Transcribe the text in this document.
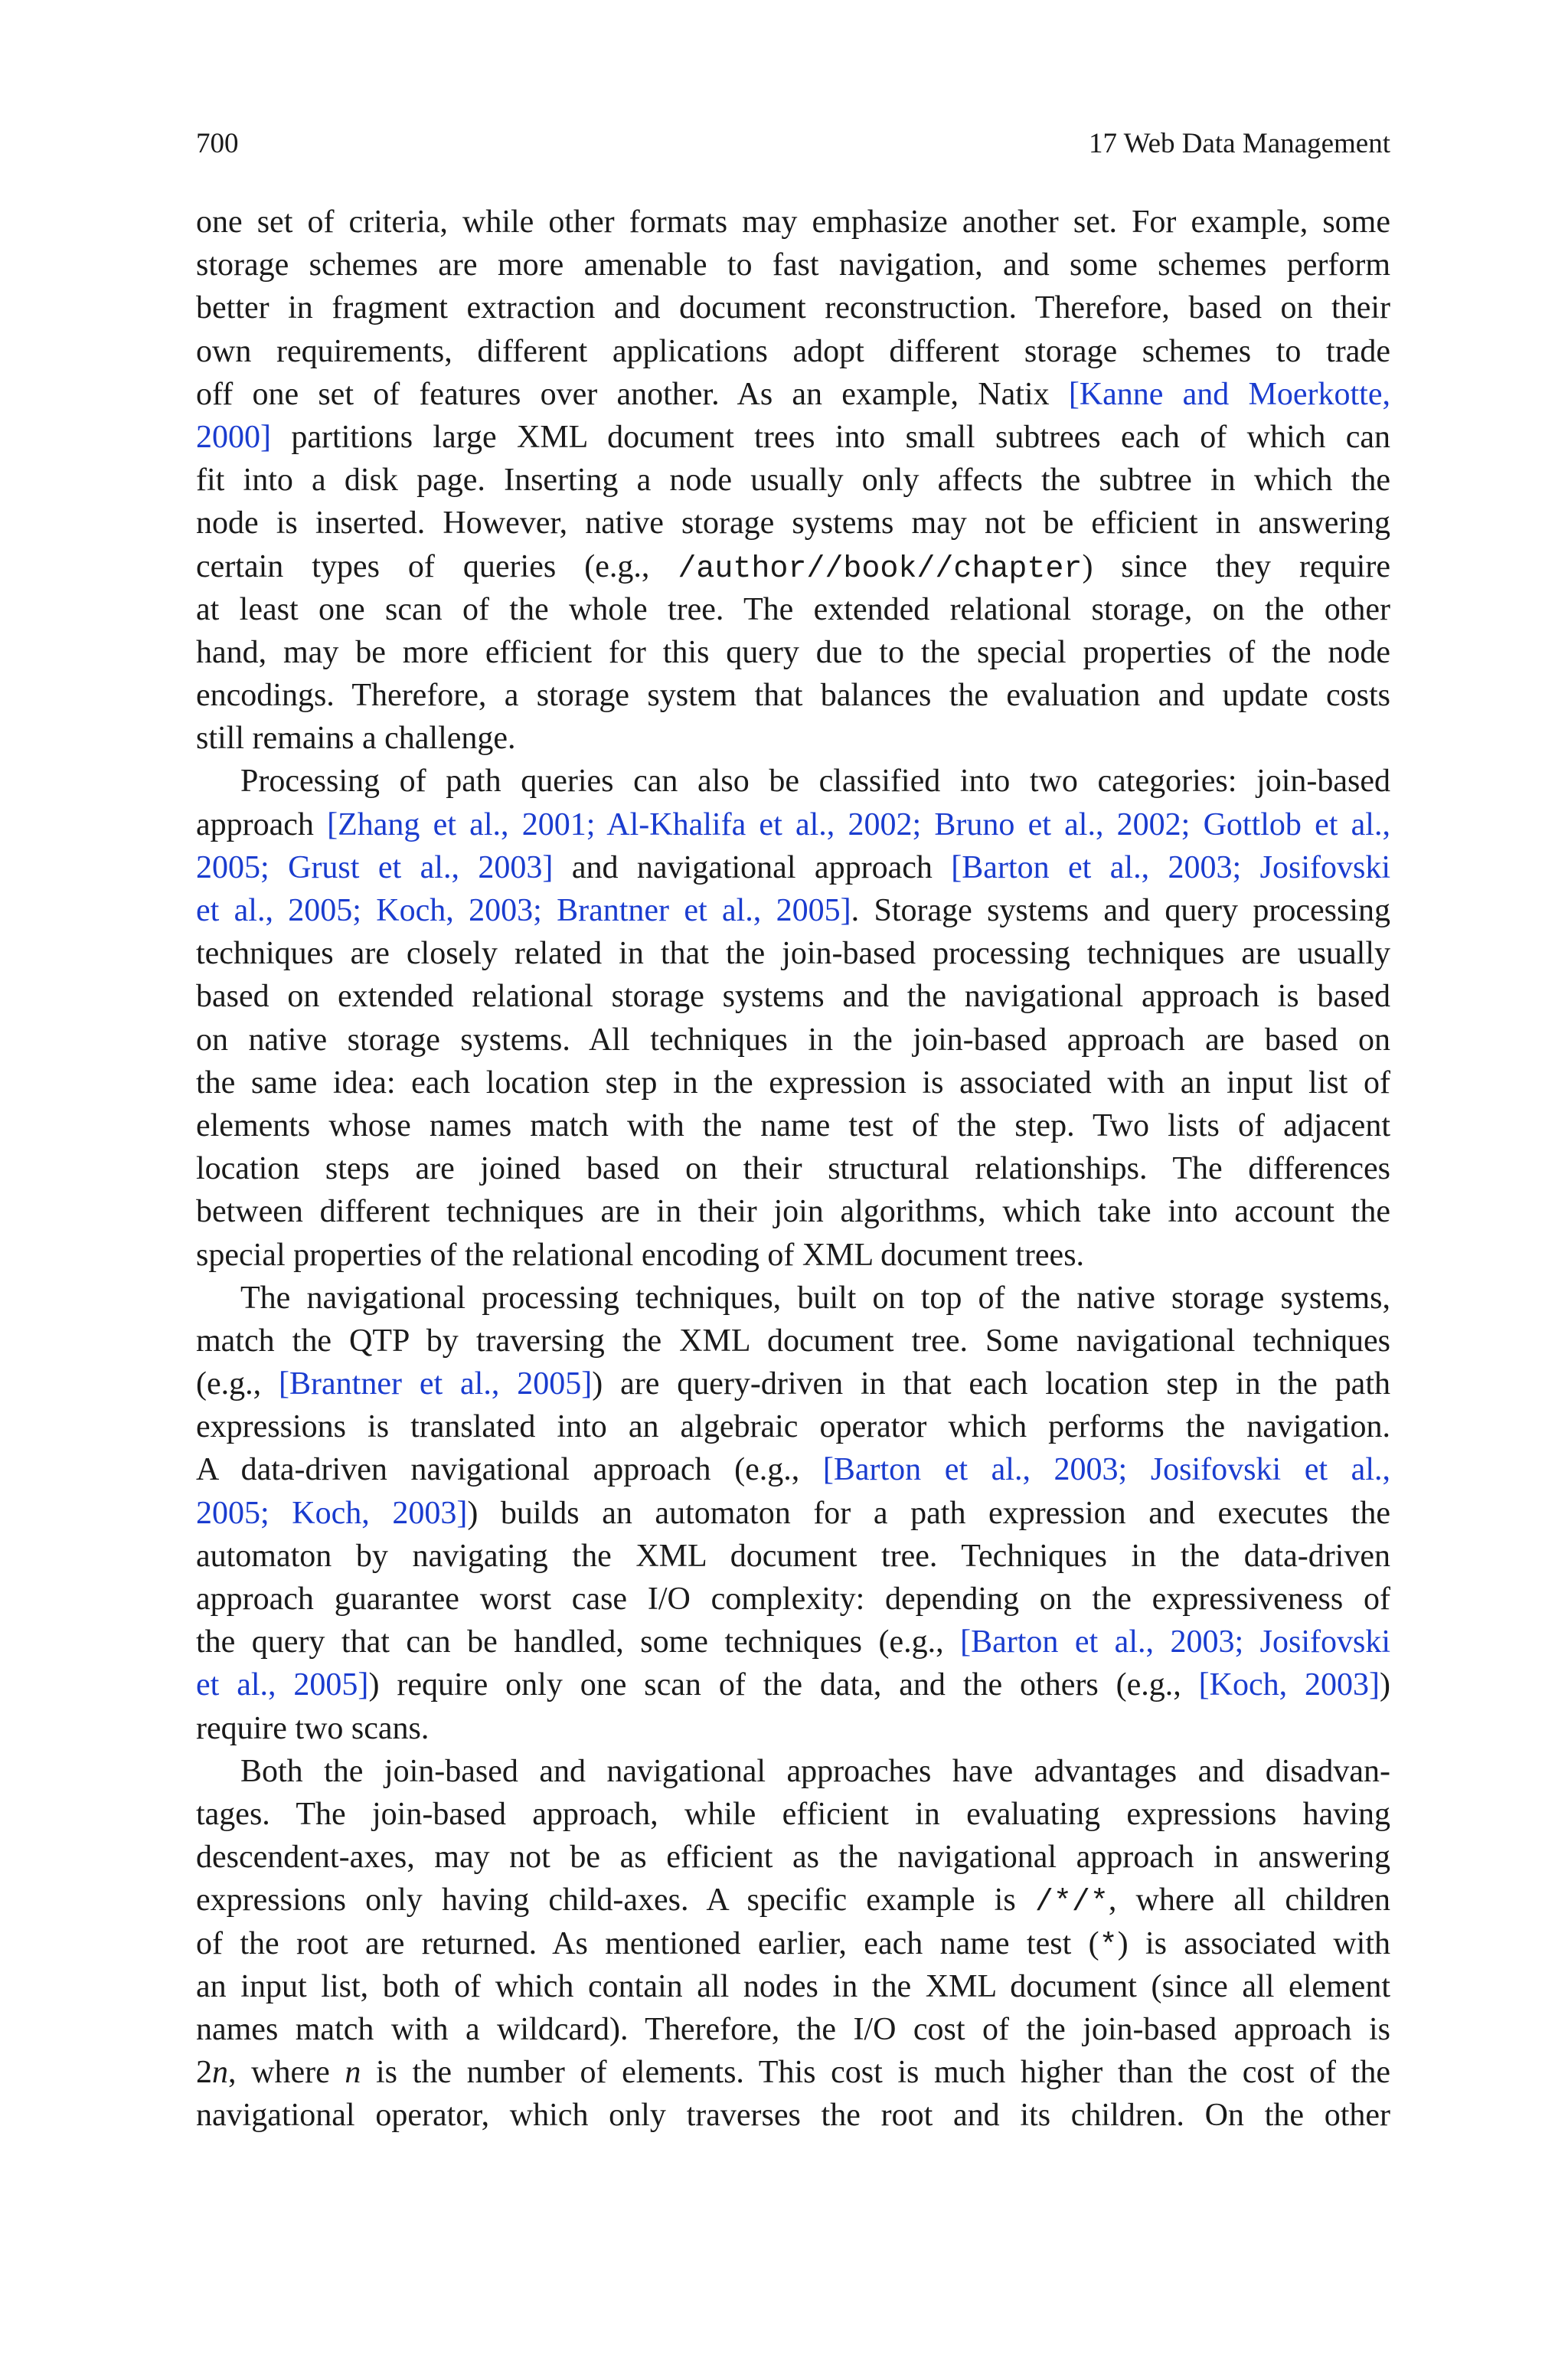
700	17 Web Data Management
one set of criteria, while other formats may emphasize another set. For example, some
storage schemes are more amenable to fast navigation, and some schemes perform
better in fragment extraction and document reconstruction. Therefore, based on their
own requirements, different applications adopt different storage schemes to trade
off one set of features over another. As an example, Natix [Kanne and Moerkotte,
2000] partitions large XML document trees into small subtrees each of which can
fit into a disk page. Inserting a node usually only affects the subtree in which the
node is inserted. However, native storage systems may not be efficient in answering
certain types of queries (e.g., /author//book//chapter) since they require
at least one scan of the whole tree. The extended relational storage, on the other
hand, may be more efficient for this query due to the special properties of the node
encodings. Therefore, a storage system that balances the evaluation and update costs
still remains a challenge.
Processing of path queries can also be classified into two categories: join-based
approach [Zhang et al., 2001; Al-Khalifa et al., 2002; Bruno et al., 2002; Gottlob et al.,
2005; Grust et al., 2003] and navigational approach [Barton et al., 2003; Josifovski
et al., 2005; Koch, 2003; Brantner et al., 2005]. Storage systems and query processing
techniques are closely related in that the join-based processing techniques are usually
based on extended relational storage systems and the navigational approach is based
on native storage systems. All techniques in the join-based approach are based on
the same idea: each location step in the expression is associated with an input list of
elements whose names match with the name test of the step. Two lists of adjacent
location steps are joined based on their structural relationships. The differences
between different techniques are in their join algorithms, which take into account the
special properties of the relational encoding of XML document trees.
The navigational processing techniques, built on top of the native storage systems,
match the QTP by traversing the XML document tree. Some navigational techniques
(e.g., [Brantner et al., 2005]) are query-driven in that each location step in the path
expressions is translated into an algebraic operator which performs the navigation.
A data-driven navigational approach (e.g., [Barton et al., 2003; Josifovski et al.,
2005; Koch, 2003]) builds an automaton for a path expression and executes the
automaton by navigating the XML document tree. Techniques in the data-driven
approach guarantee worst case I/O complexity: depending on the expressiveness of
the query that can be handled, some techniques (e.g., [Barton et al., 2003; Josifovski
et al., 2005]) require only one scan of the data, and the others (e.g., [Koch, 2003])
require two scans.
Both the join-based and navigational approaches have advantages and disadvan-
tages. The join-based approach, while efficient in evaluating expressions having
descendent-axes, may not be as efficient as the navigational approach in answering
expressions only having child-axes. A specific example is /*/*, where all children
of the root are returned. As mentioned earlier, each name test (*) is associated with
an input list, both of which contain all nodes in the XML document (since all element
names match with a wildcard). Therefore, the I/O cost of the join-based approach is
2n, where n is the number of elements. This cost is much higher than the cost of the
navigational operator, which only traverses the root and its children. On the other
